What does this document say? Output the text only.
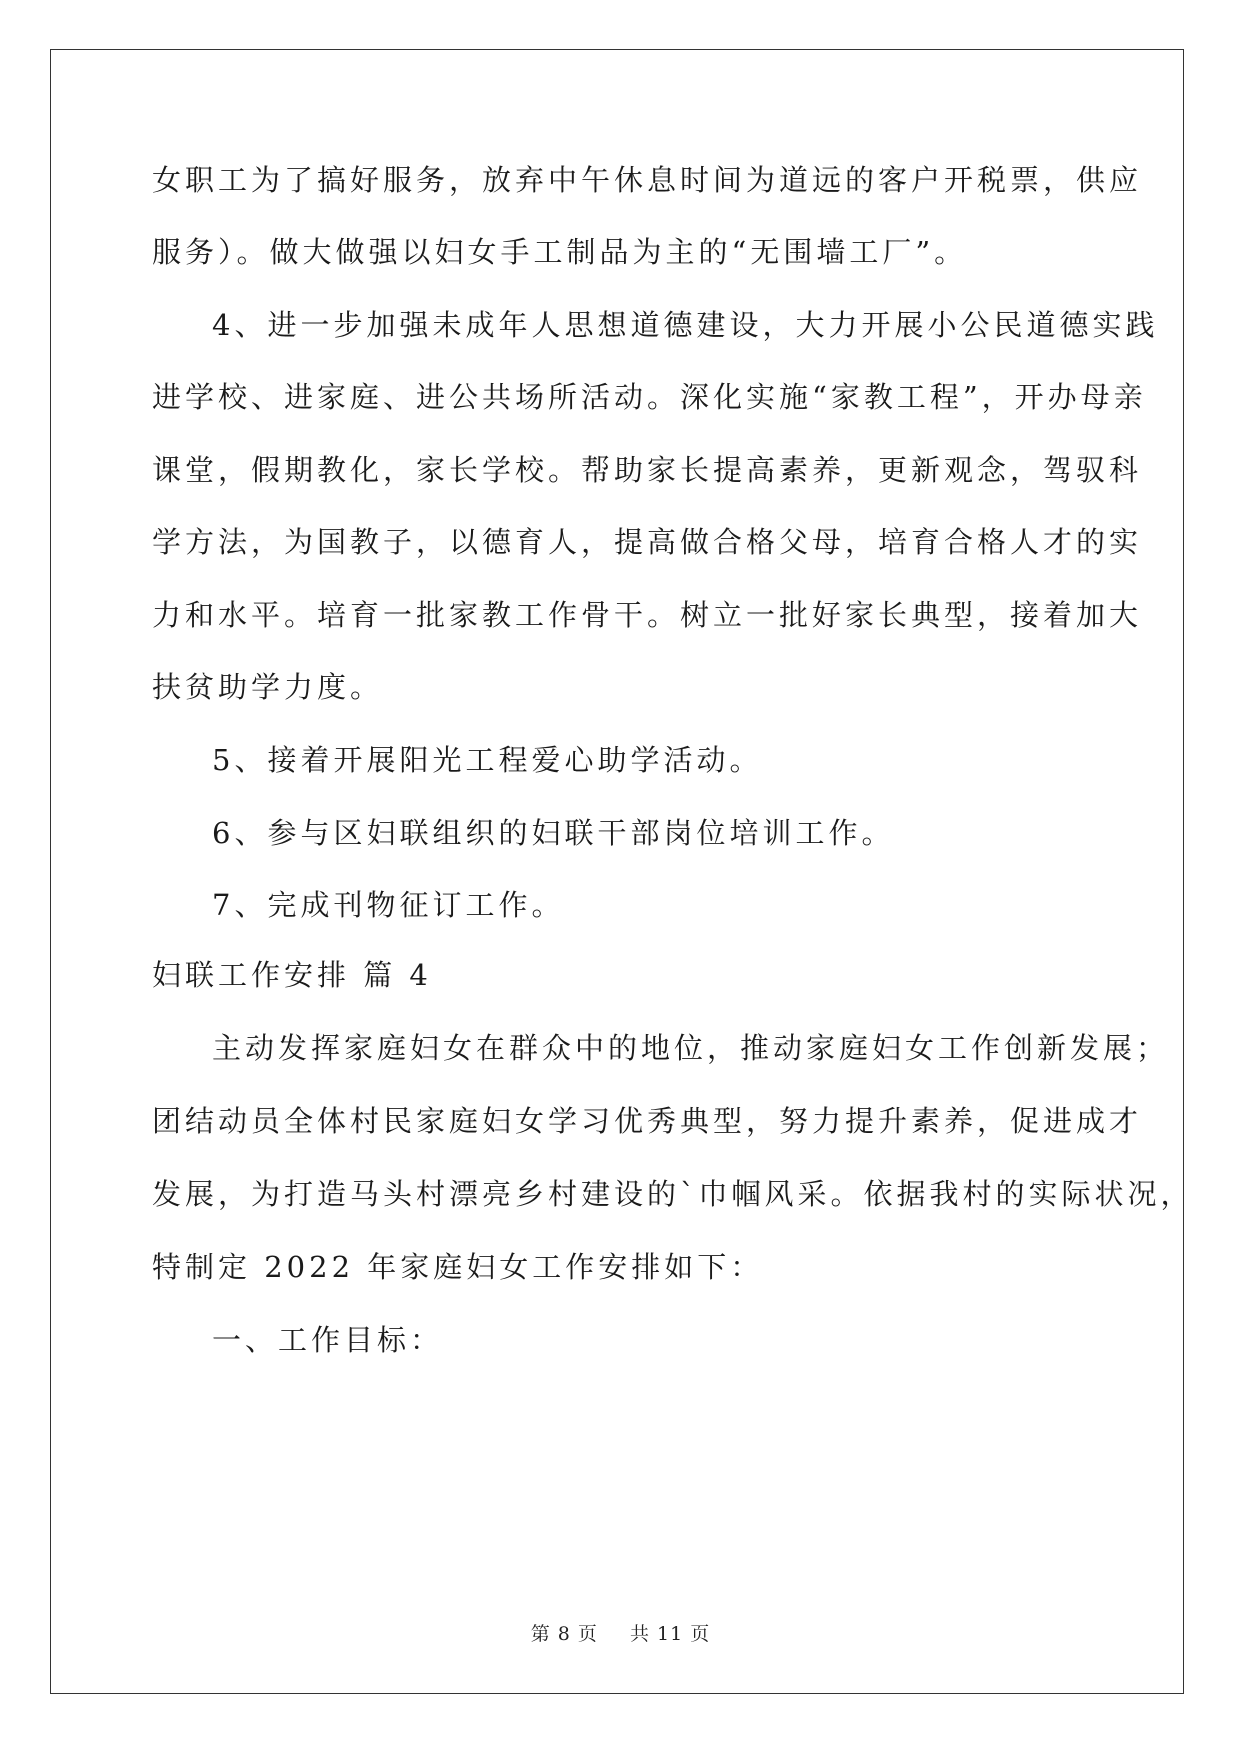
女职工为了搞好服务，放弃中午休息时间为道远的客户开税票，供应
服务）。做大做强以妇女手工制品为主的“无围墙工厂”。
4、进一步加强未成年人思想道德建设，大力开展小公民道德实践
进学校、进家庭、进公共场所活动。深化实施“家教工程”，开办母亲
课堂，假期教化，家长学校。帮助家长提高素养，更新观念，驾驭科
学方法，为国教子，以德育人，提高做合格父母，培育合格人才的实
力和水平。培育一批家教工作骨干。树立一批好家长典型，接着加大
扶贫助学力度。
5、接着开展阳光工程爱心助学活动。
6、参与区妇联组织的妇联干部岗位培训工作。
7、完成刊物征订工作。
妇联工作安排 篇 4
主动发挥家庭妇女在群众中的地位，推动家庭妇女工作创新发展；
团结动员全体村民家庭妇女学习优秀典型，努力提升素养，促进成才
发展，为打造马头村漂亮乡村建设的`巾帼风采。依据我村的实际状况，
特制定 2022 年家庭妇女工作安排如下：
一、工作目标：
第 8 页 共 11 页
